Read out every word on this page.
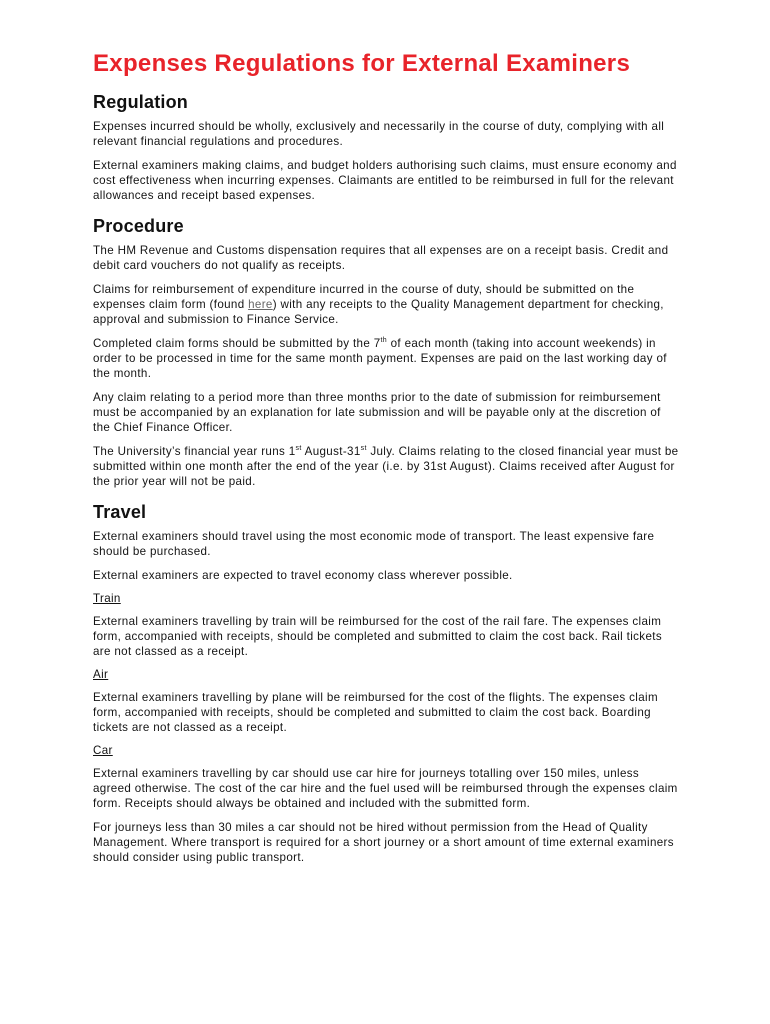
Expenses Regulations for External Examiners
Regulation

Expenses incurred should be wholly, exclusively and necessarily in the course of duty, complying with all relevant financial regulations and procedures.

External examiners making claims, and budget holders authorising such claims, must ensure economy and cost effectiveness when incurring expenses. Claimants are entitled to be reimbursed in full for the relevant allowances and receipt based expenses.

Procedure

The HM Revenue and Customs dispensation requires that all expenses are on a receipt basis. Credit and debit card vouchers do not qualify as receipts.

Claims for reimbursement of expenditure incurred in the course of duty, should be submitted on the expenses claim form (found here) with any receipts to the Quality Management department for checking, approval and submission to Finance Service.

Completed claim forms should be submitted by the 7th of each month (taking into account weekends) in order to be processed in time for the same month payment. Expenses are paid on the last working day of the month.

Any claim relating to a period more than three months prior to the date of submission for reimbursement must be accompanied by an explanation for late submission and will be payable only at the discretion of the Chief Finance Officer.

The University’s financial year runs 1st August-31st July. Claims relating to the closed financial year must be submitted within one month after the end of the year (i.e. by 31st August). Claims received after August for the prior year will not be paid.

Travel

External examiners should travel using the most economic mode of transport. The least expensive fare should be purchased.

External examiners are expected to travel economy class wherever possible.

Train

External examiners travelling by train will be reimbursed for the cost of the rail fare. The expenses claim form, accompanied with receipts, should be completed and submitted to claim the cost back. Rail tickets are not classed as a receipt.

Air

External examiners travelling by plane will be reimbursed for the cost of the flights. The expenses claim form, accompanied with receipts, should be completed and submitted to claim the cost back. Boarding tickets are not classed as a receipt.

Car

External examiners travelling by car should use car hire for journeys totalling over 150 miles, unless agreed otherwise. The cost of the car hire and the fuel used will be reimbursed through the expenses claim form. Receipts should always be obtained and included with the submitted form.

For journeys less than 30 miles a car should not be hired without permission from the Head of Quality Management. Where transport is required for a short journey or a short amount of time external examiners should consider using public transport.
